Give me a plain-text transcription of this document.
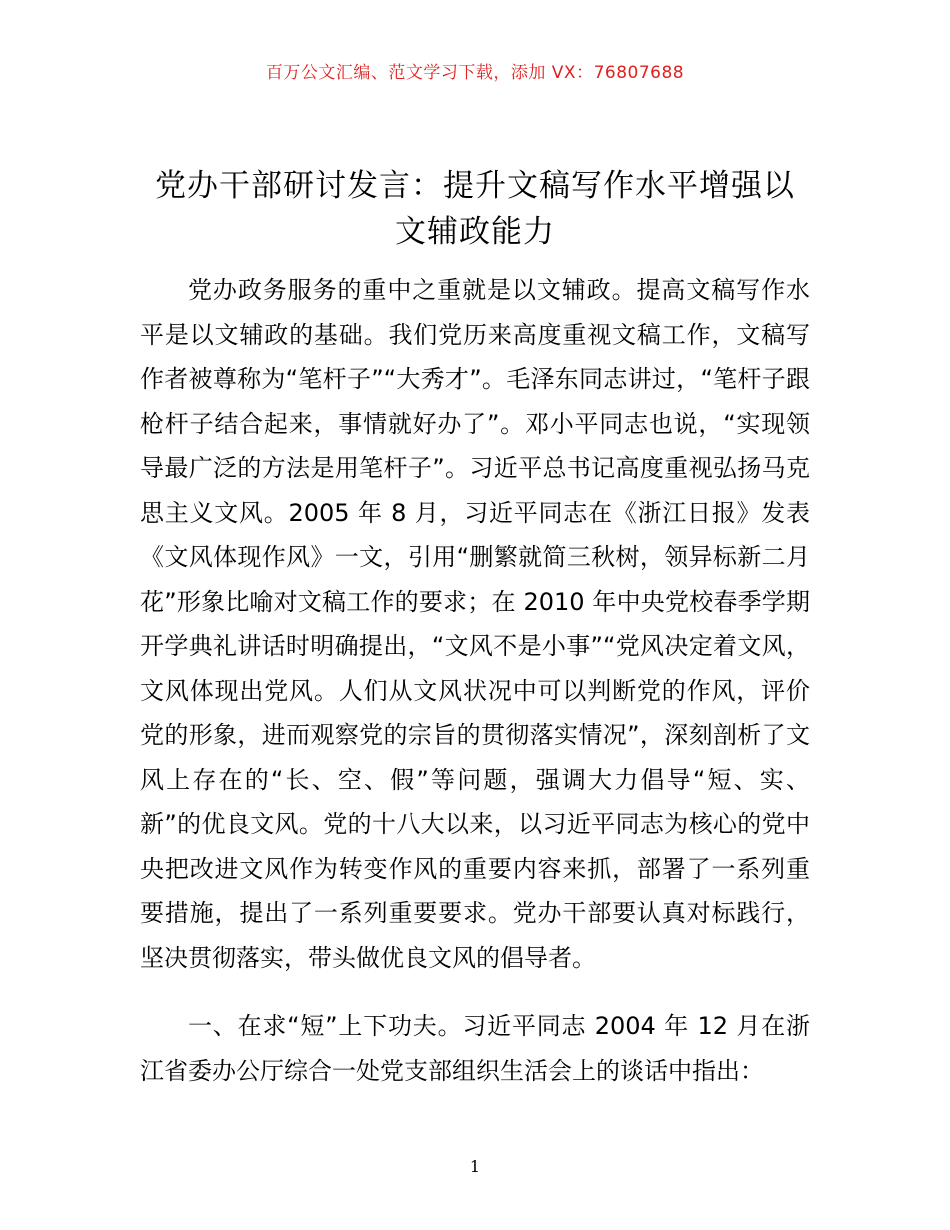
百万公文汇编、范文学习下载，添加 VX：76807688
党办干部研讨发言：提升文稿写作水平增强以文辅政能力

党办政务服务的重中之重就是以文辅政。提高文稿写作水平是以文辅政的基础。我们党历来高度重视文稿工作，文稿写作者被尊称为“笔杆子”“大秀才”。毛泽东同志讲过，“笔杆子跟枪杆子结合起来，事情就好办了”。邓小平同志也说，“实现领导最广泛的方法是用笔杆子”。习近平总书记高度重视弘扬马克思主义文风。2005 年 8 月，习近平同志在《浙江日报》发表《文风体现作风》一文，引用“删繁就简三秋树，领异标新二月花”形象比喻对文稿工作的要求；在 2010 年中央党校春季学期开学典礼讲话时明确提出，“文风不是小事”“党风决定着文风，文风体现出党风。人们从文风状况中可以判断党的作风，评价党的形象，进而观察党的宗旨的贯彻落实情况”，深刻剖析了文风上存在的“长、空、假”等问题，强调大力倡导“短、实、新”的优良文风。党的十八大以来，以习近平同志为核心的党中央把改进文风作为转变作风的重要内容来抓，部署了一系列重要措施，提出了一系列重要要求。党办干部要认真对标践行，坚决贯彻落实，带头做优良文风的倡导者。

一、在求“短”上下功夫。习近平同志 2004 年 12 月在浙江省委办公厅综合一处党支部组织生活会上的谈话中指出：

1
